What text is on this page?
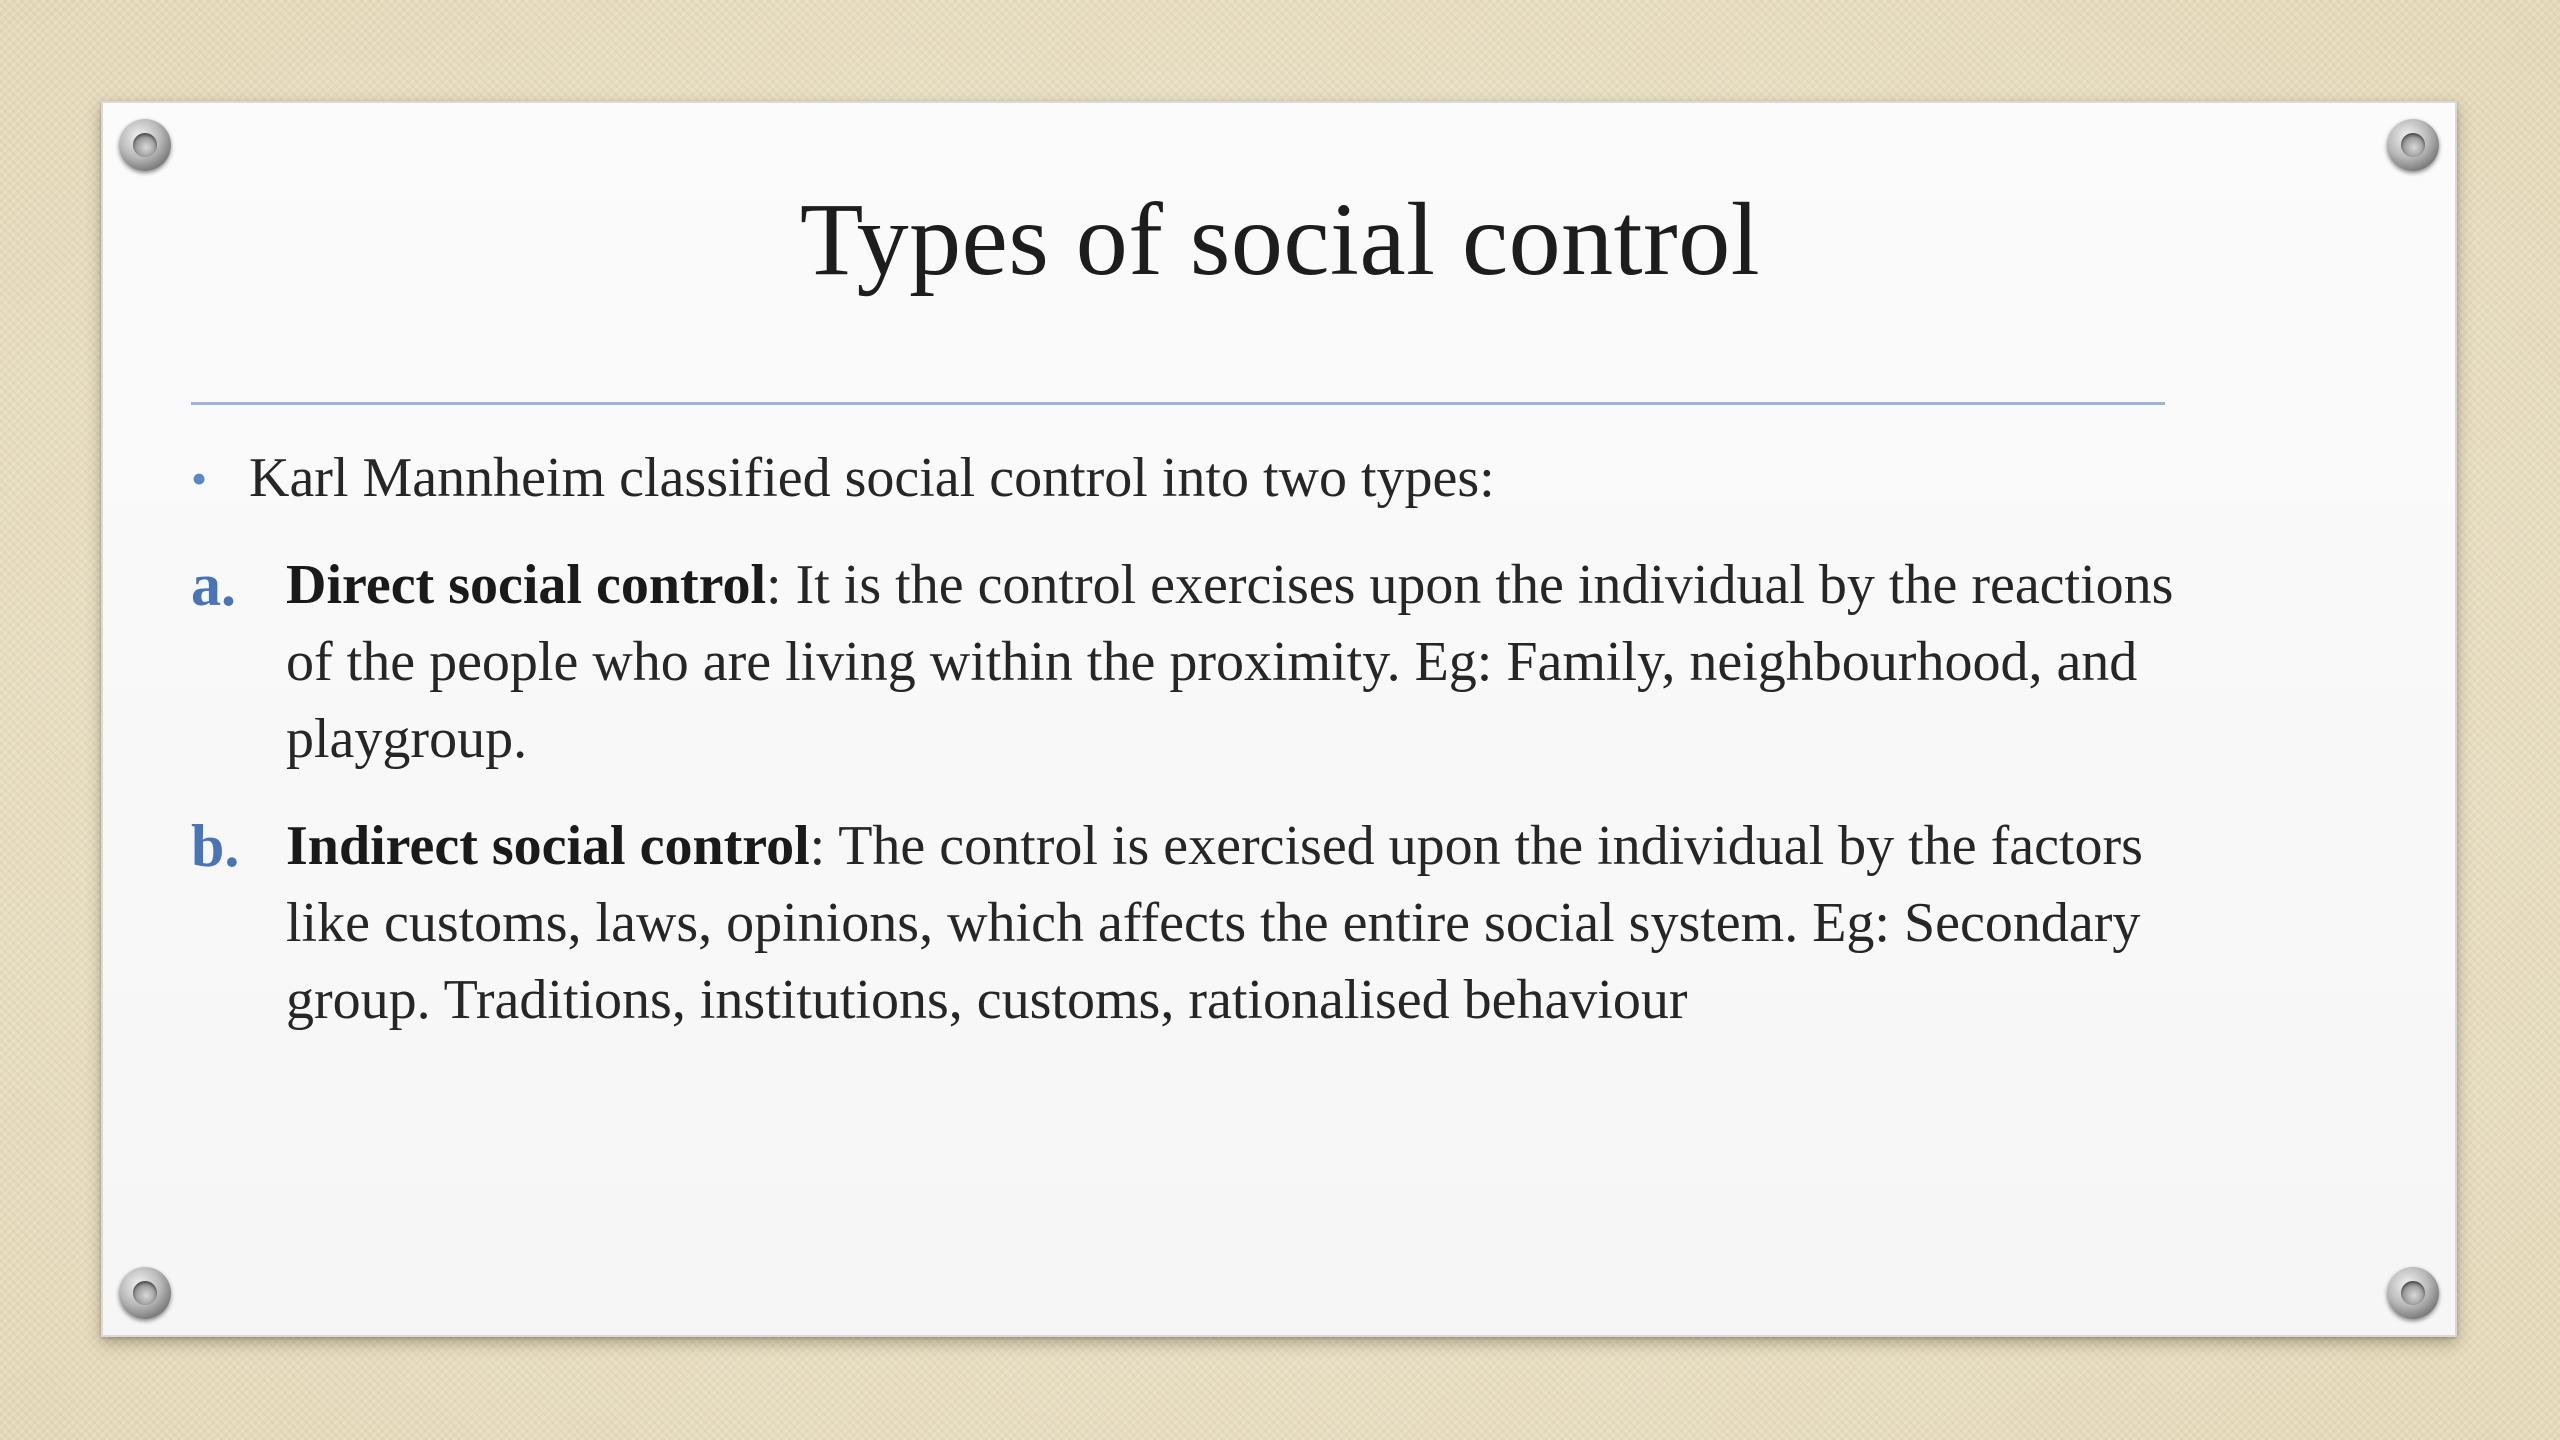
Types of social control
• Karl Mannheim classified social control into two types:
a. Direct social control: It is the control exercises upon the individual by the reactions of the people who are living within the proximity. Eg: Family, neighbourhood, and playgroup.
b. Indirect social control: The control is exercised upon the individual by the factors like customs, laws, opinions, which affects the entire social system. Eg: Secondary group. Traditions, institutions, customs, rationalised behaviour
